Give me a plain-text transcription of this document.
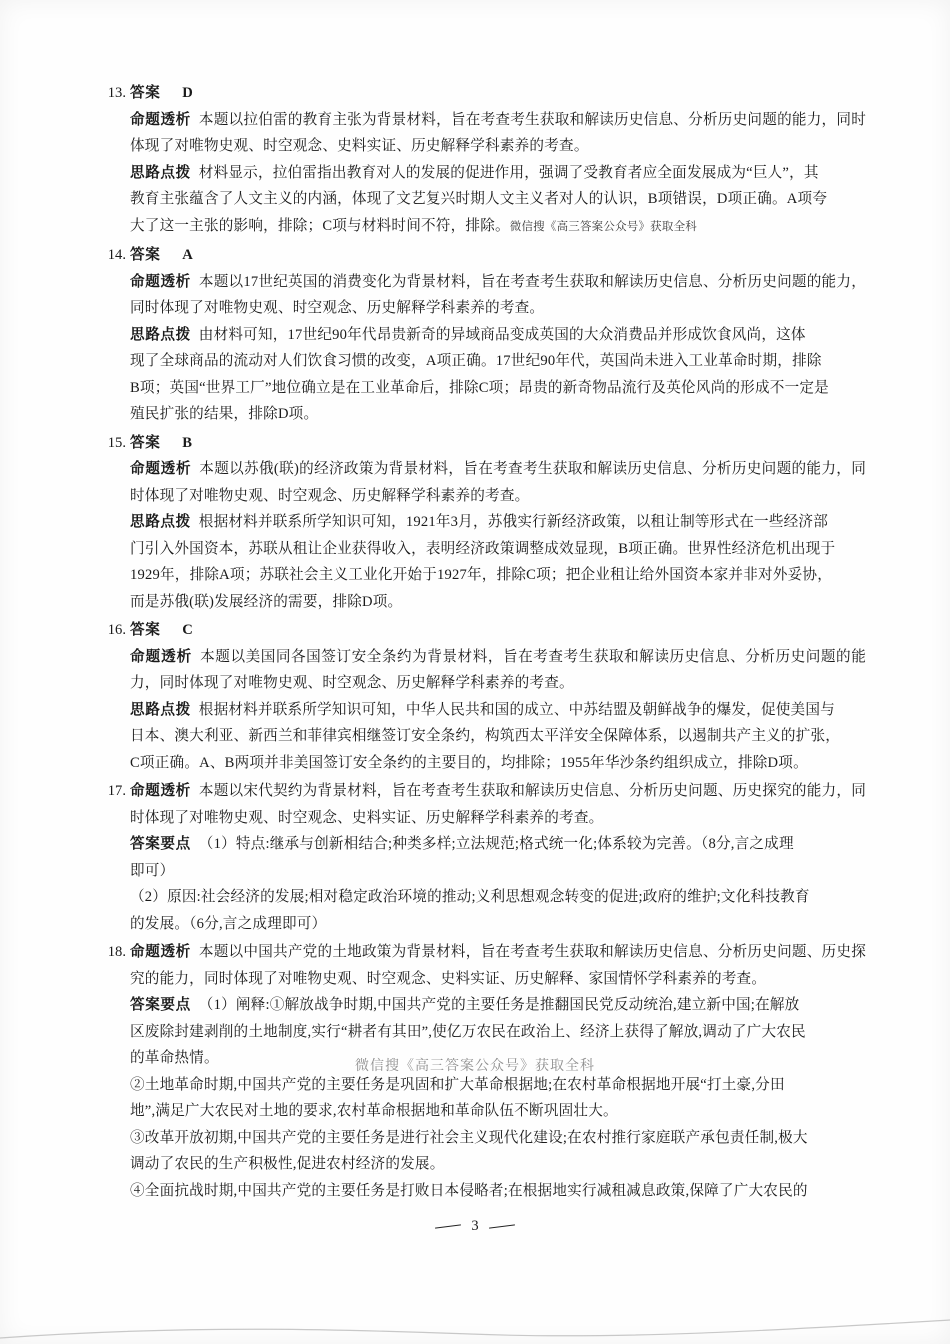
13. 答案 D
命题透析 本题以拉伯雷的教育主张为背景材料，旨在考查考生获取和解读历史信息、分析历史问题的能力，同时体现了对唯物史观、时空观念、史料实证、历史解释学科素养的考查。
思路点拨 材料显示，拉伯雷指出教育对人的发展的促进作用，强调了受教育者应全面发展成为“巨人”，其
教育主张蕴含了人文主义的内涵，体现了文艺复兴时期人文主义者对人的认识，B项错误，D项正确。A项夸
大了这一主张的影响，排除；C项与材料时间不符，排除。微信搜《高三答案公众号》获取全科
14. 答案 A
命题透析 本题以17世纪英国的消费变化为背景材料，旨在考查考生获取和解读历史信息、分析历史问题的能力，同时体现了对唯物史观、时空观念、历史解释学科素养的考查。
思路点拨 由材料可知，17世纪90年代昂贵新奇的异域商品变成英国的大众消费品并形成饮食风尚，这体
现了全球商品的流动对人们饮食习惯的改变，A项正确。17世纪90年代，英国尚未进入工业革命时期，排除
B项；英国“世界工厂”地位确立是在工业革命后，排除C项；昂贵的新奇物品流行及英伦风尚的形成不一定是
殖民扩张的结果，排除D项。
15. 答案 B
命题透析 本题以苏俄(联)的经济政策为背景材料，旨在考查考生获取和解读历史信息、分析历史问题的能力，同时体现了对唯物史观、时空观念、历史解释学科素养的考查。
思路点拨 根据材料并联系所学知识可知，1921年3月，苏俄实行新经济政策，以租让制等形式在一些经济部
门引入外国资本，苏联从租让企业获得收入，表明经济政策调整成效显现，B项正确。世界性经济危机出现于
1929年，排除A项；苏联社会主义工业化开始于1927年，排除C项；把企业租让给外国资本家并非对外妥协，
而是苏俄(联)发展经济的需要，排除D项。
16. 答案 C
命题透析 本题以美国同各国签订安全条约为背景材料，旨在考查考生获取和解读历史信息、分析历史问题的能力，同时体现了对唯物史观、时空观念、历史解释学科素养的考查。
思路点拨 根据材料并联系所学知识可知，中华人民共和国的成立、中苏结盟及朝鲜战争的爆发，促使美国与
日本、澳大利亚、新西兰和菲律宾相继签订安全条约，构筑西太平洋安全保障体系，以遏制共产主义的扩张，
C项正确。A、B两项并非美国签订安全条约的主要目的，均排除；1955年华沙条约组织成立，排除D项。
17. 命题透析 本题以宋代契约为背景材料，旨在考查考生获取和解读历史信息、分析历史问题、历史探究的能力，同时体现了对唯物史观、时空观念、史料实证、历史解释学科素养的考查。
答案要点 （1）特点:继承与创新相结合;种类多样;立法规范;格式统一化;体系较为完善。（8分,言之成理
即可）
（2）原因:社会经济的发展;相对稳定政治环境的推动;义利思想观念转变的促进;政府的维护;文化科技教育
的发展。（6分,言之成理即可）
18. 命题透析 本题以中国共产党的土地政策为背景材料，旨在考查考生获取和解读历史信息、分析历史问题、历史探究的能力，同时体现了对唯物史观、时空观念、史料实证、历史解释、家国情怀学科素养的考查。
答案要点 （1）阐释:①解放战争时期,中国共产党的主要任务是推翻国民党反动统治,建立新中国;在解放
区废除封建剥削的土地制度,实行“耕者有其田”,使亿万农民在政治上、经济上获得了解放,调动了广大农民
的革命热情。
②土地革命时期,中国共产党的主要任务是巩固和扩大革命根据地;在农村革命根据地开展“打土豪,分田
地”,满足广大农民对土地的要求,农村革命根据地和革命队伍不断巩固壮大。
③改革开放初期,中国共产党的主要任务是进行社会主义现代化建设;在农村推行家庭联产承包责任制,极大
调动了农民的生产积极性,促进农村经济的发展。
④全面抗战时期,中国共产党的主要任务是打败日本侵略者;在根据地实行减租减息政策,保障了广大农民的
微信搜《高三答案公众号》获取全科
3
